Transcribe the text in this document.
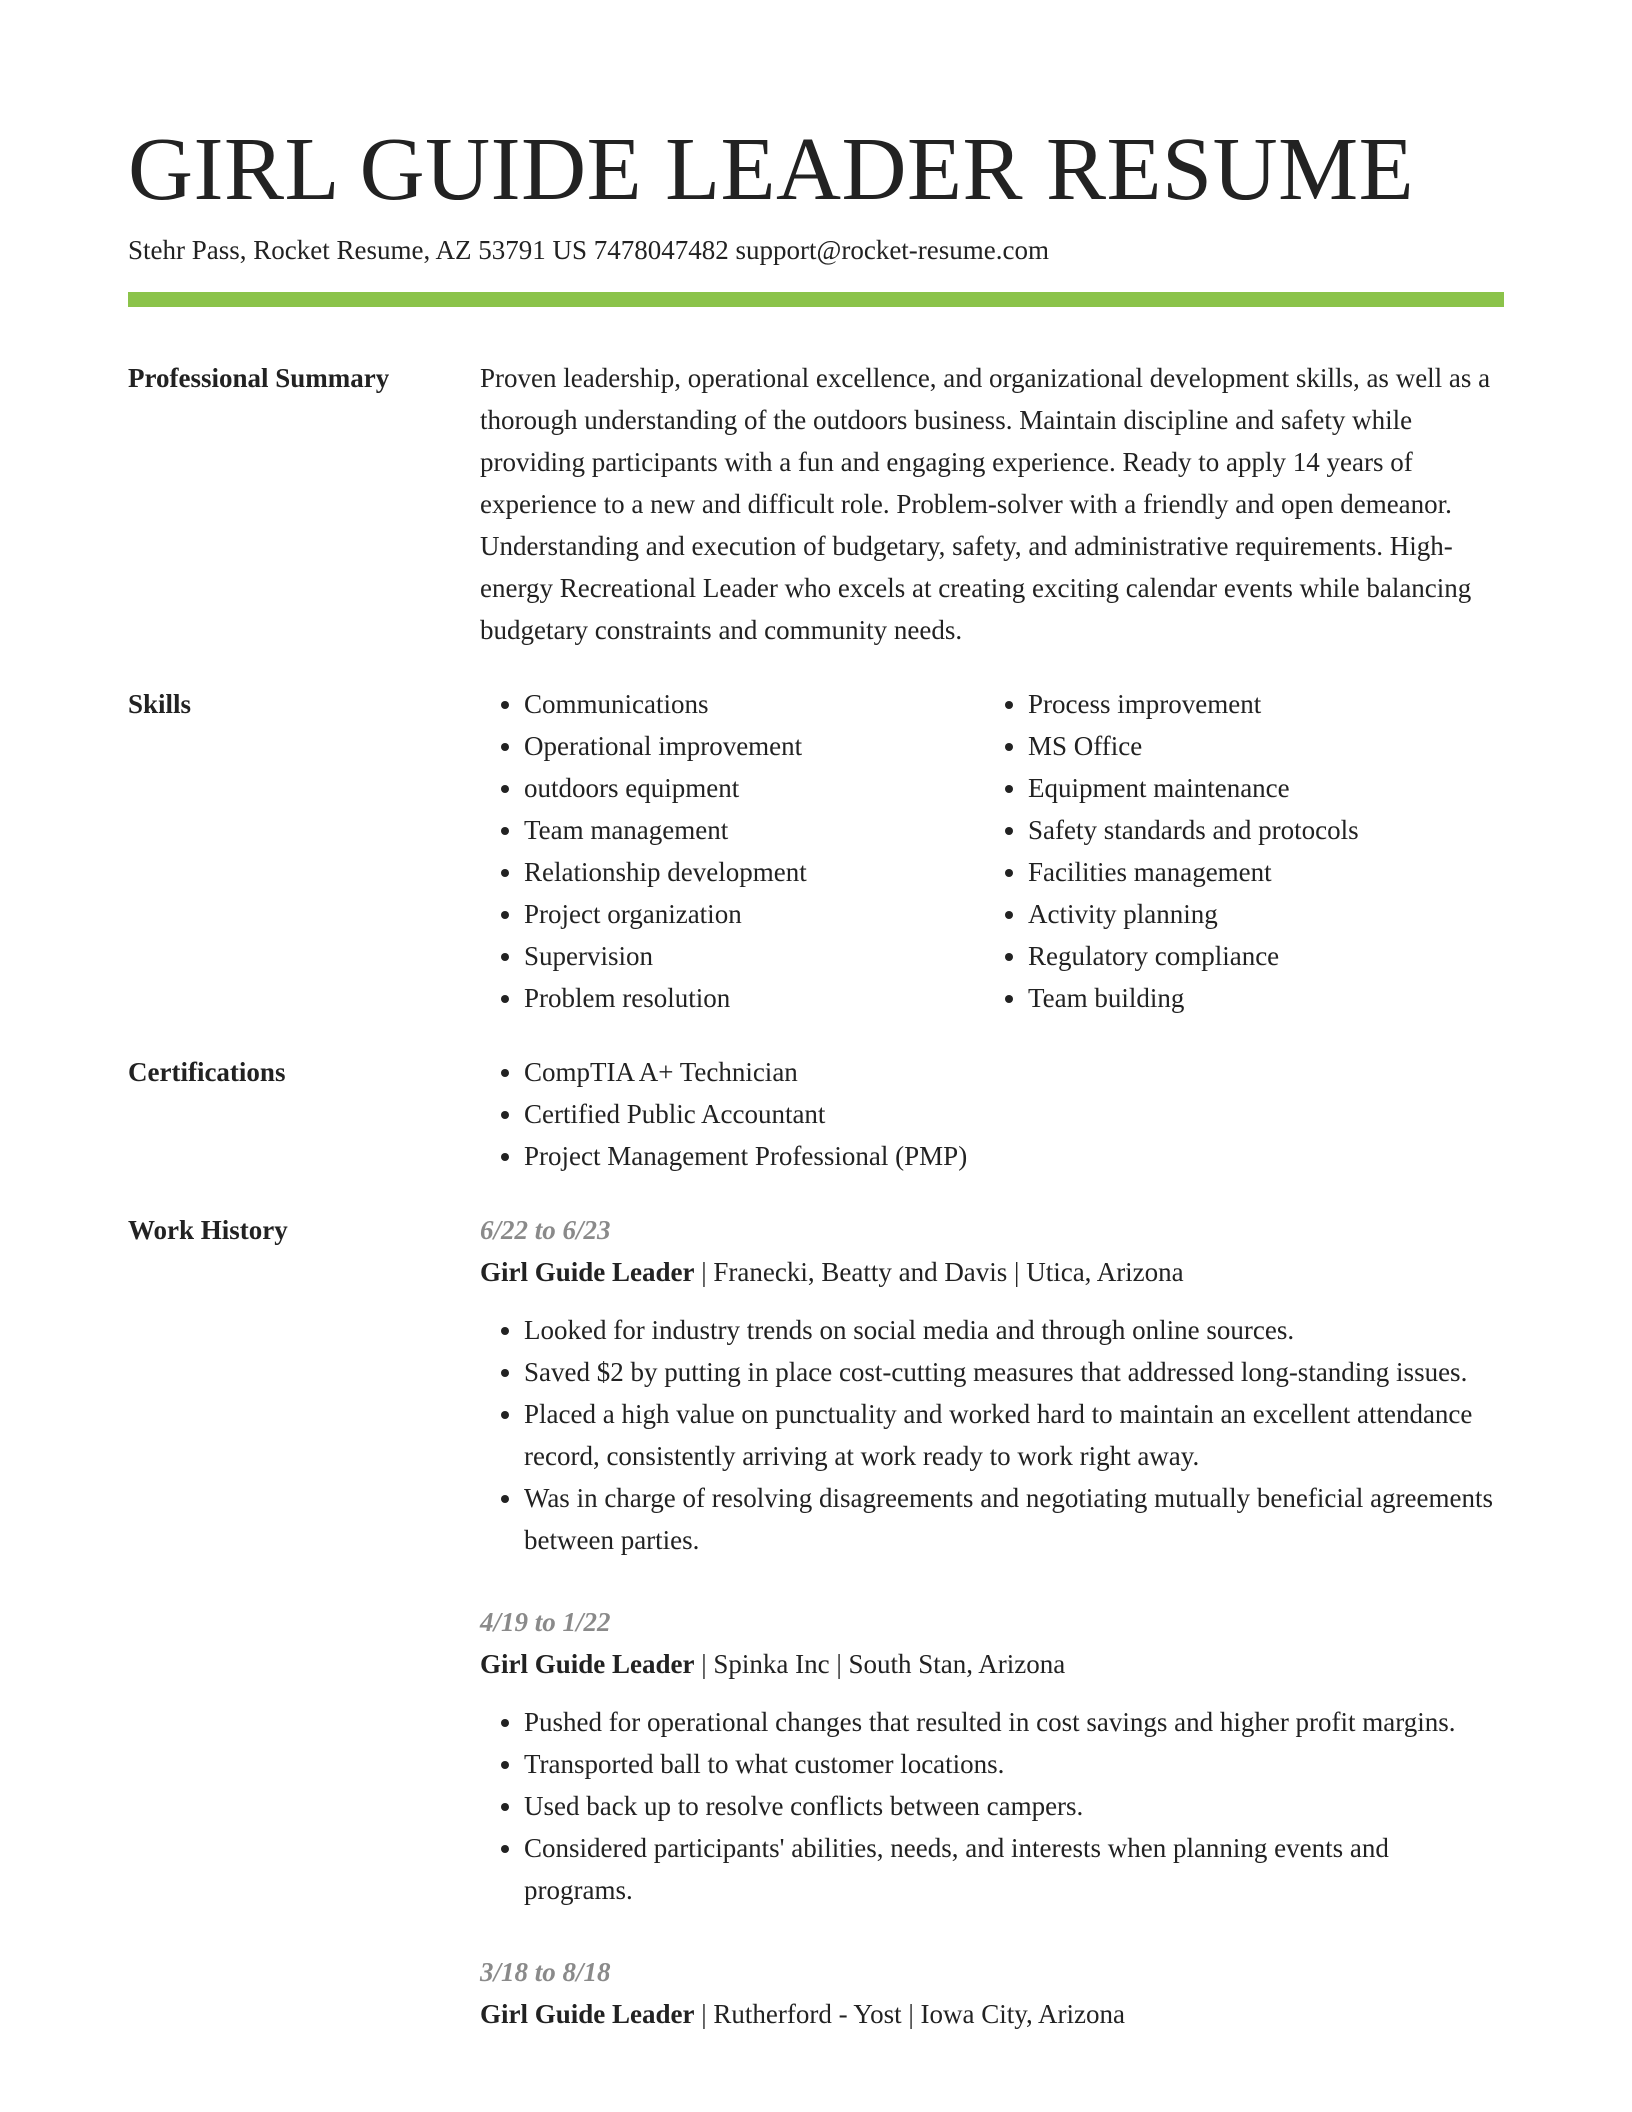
GIRL GUIDE LEADER RESUME
Stehr Pass, Rocket Resume, AZ 53791 US 7478047482 support@rocket-resume.com
Professional Summary	Proven leadership, operational excellence, and organizational development skills, as well as a thorough understanding of the outdoors business. Maintain discipline and safety while providing participants with a fun and engaging experience. Ready to apply 14 years of experience to a new and difficult role. Problem-solver with a friendly and open demeanor. Understanding and execution of budgetary, safety, and administrative requirements. High-energy Recreational Leader who excels at creating exciting calendar events while balancing budgetary constraints and community needs.
Skills	• Communications
• Operational improvement
• outdoors equipment
• Team management
• Relationship development
• Project organization
• Supervision
• Problem resolution
• Process improvement
• MS Office
• Equipment maintenance
• Safety standards and protocols
• Facilities management
• Activity planning
• Regulatory compliance
• Team building
Certifications	• CompTIA A+ Technician
• Certified Public Accountant
• Project Management Professional (PMP)
Work History	6/22 to 6/23
Girl Guide Leader | Franecki, Beatty and Davis | Utica, Arizona
• Looked for industry trends on social media and through online sources.
• Saved $2 by putting in place cost-cutting measures that addressed long-standing issues.
• Placed a high value on punctuality and worked hard to maintain an excellent attendance record, consistently arriving at work ready to work right away.
• Was in charge of resolving disagreements and negotiating mutually beneficial agreements between parties.
4/19 to 1/22
Girl Guide Leader | Spinka Inc | South Stan, Arizona
• Pushed for operational changes that resulted in cost savings and higher profit margins.
• Transported ball to what customer locations.
• Used back up to resolve conflicts between campers.
• Considered participants' abilities, needs, and interests when planning events and programs.
3/18 to 8/18
Girl Guide Leader | Rutherford - Yost | Iowa City, Arizona
